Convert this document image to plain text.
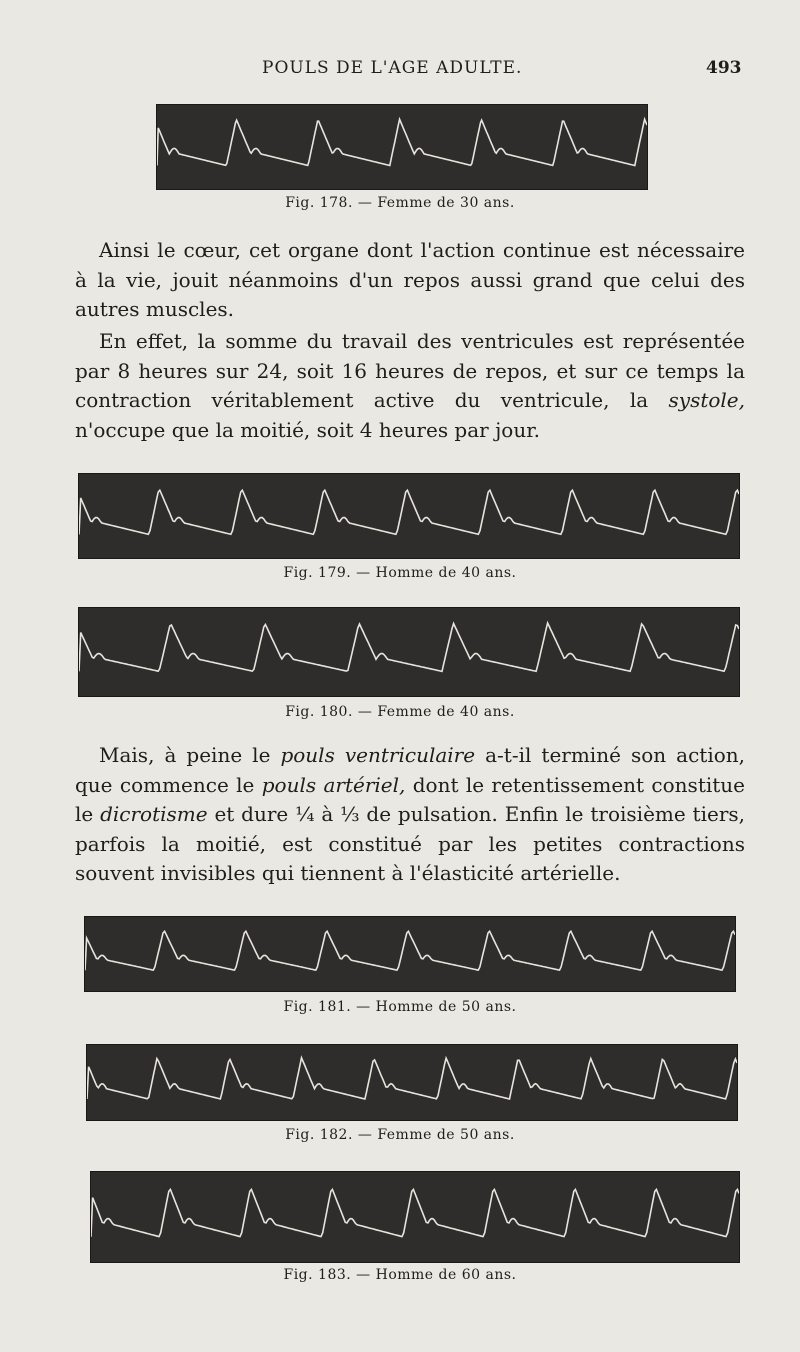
POULS DE L'AGE ADULTE.	493
Fig. 178. — Femme de 30 ans.

Ainsi le cœur, cet organe dont l'action continue est nécessaire à la vie, jouit néanmoins d'un repos aussi grand que celui des autres muscles.

En effet, la somme du travail des ventricules est représentée par 8 heures sur 24, soit 16 heures de repos, et sur ce temps la contraction véritablement active du ventricule, la systole, n'occupe que la moitié, soit 4 heures par jour.

Fig. 179. — Homme de 40 ans.
Fig. 180. — Femme de 40 ans.

Mais, à peine le pouls ventriculaire a-t-il terminé son action, que commence le pouls artériel, dont le retentissement constitue le dicrotisme et dure ¼ à ⅓ de pulsation. Enfin le troisième tiers, parfois la moitié, est constitué par les petites contractions souvent invisibles qui tiennent à l'élasticité artérielle.

Fig. 181. — Homme de 50 ans.
Fig. 182. — Femme de 50 ans.
Fig. 183. — Homme de 60 ans.
